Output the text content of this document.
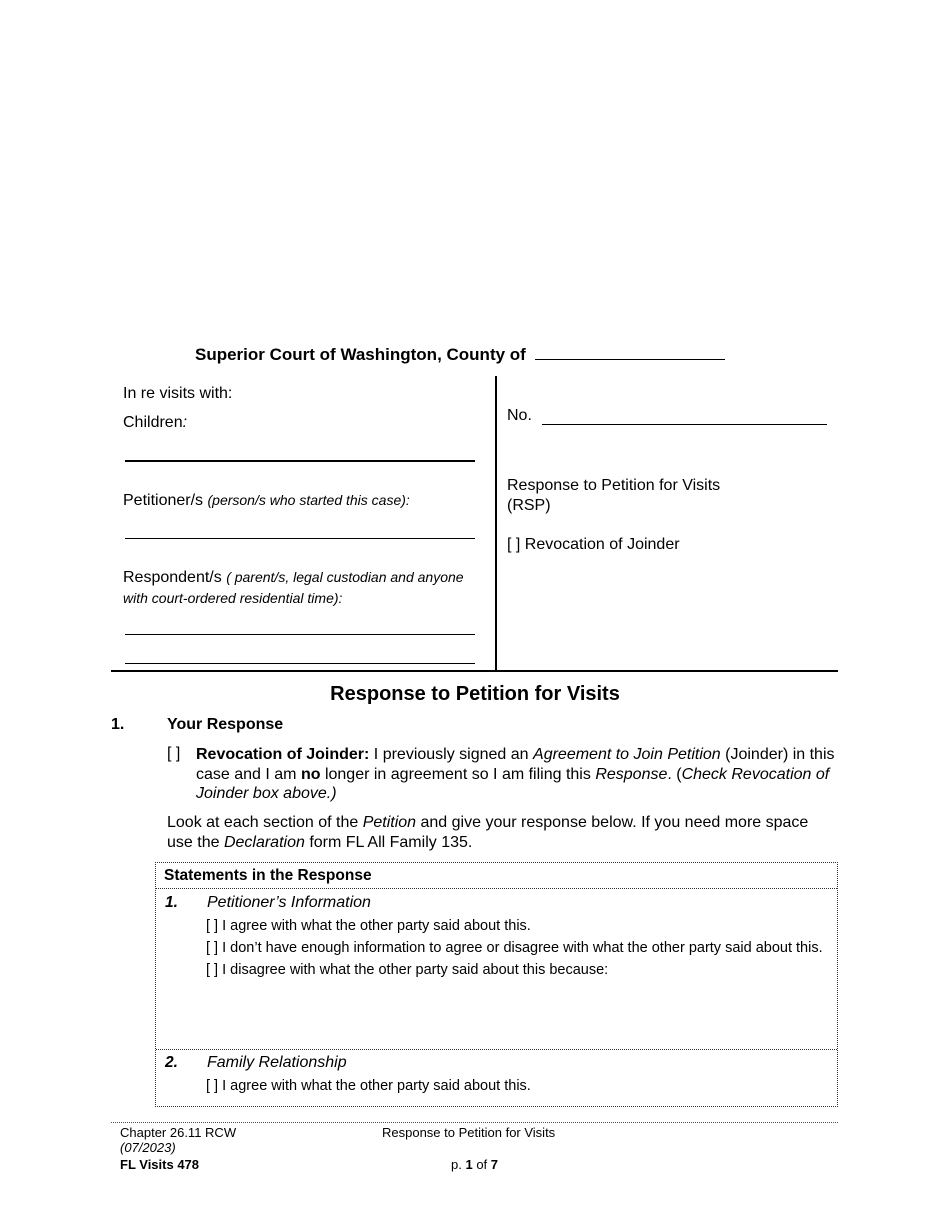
Superior Court of Washington, County of
In re visits with:
Children:
Petitioner/s (person/s who started this case):
Respondent/s ( parent/s, legal custodian and anyone
with court-ordered residential time):
No.
Response to Petition for Visits
(RSP)
[ ] Revocation of Joinder
Response to Petition for Visits
1.	Your Response
[ ] Revocation of Joinder: I previously signed an Agreement to Join Petition (Joinder) in this case and I am no longer in agreement so I am filing this Response. (Check Revocation of Joinder box above.)
Look at each section of the Petition and give your response below. If you need more space use the Declaration form FL All Family 135.
Statements in the Response
1. Petitioner’s Information
[ ] I agree with what the other party said about this.
[ ] I don’t have enough information to agree or disagree with what the other party said about this.
[ ] I disagree with what the other party said about this because:
2. Family Relationship
[ ] I agree with what the other party said about this.
Chapter 26.11 RCW
(07/2023)
FL Visits 478
Response to Petition for Visits
p. 1 of 7
